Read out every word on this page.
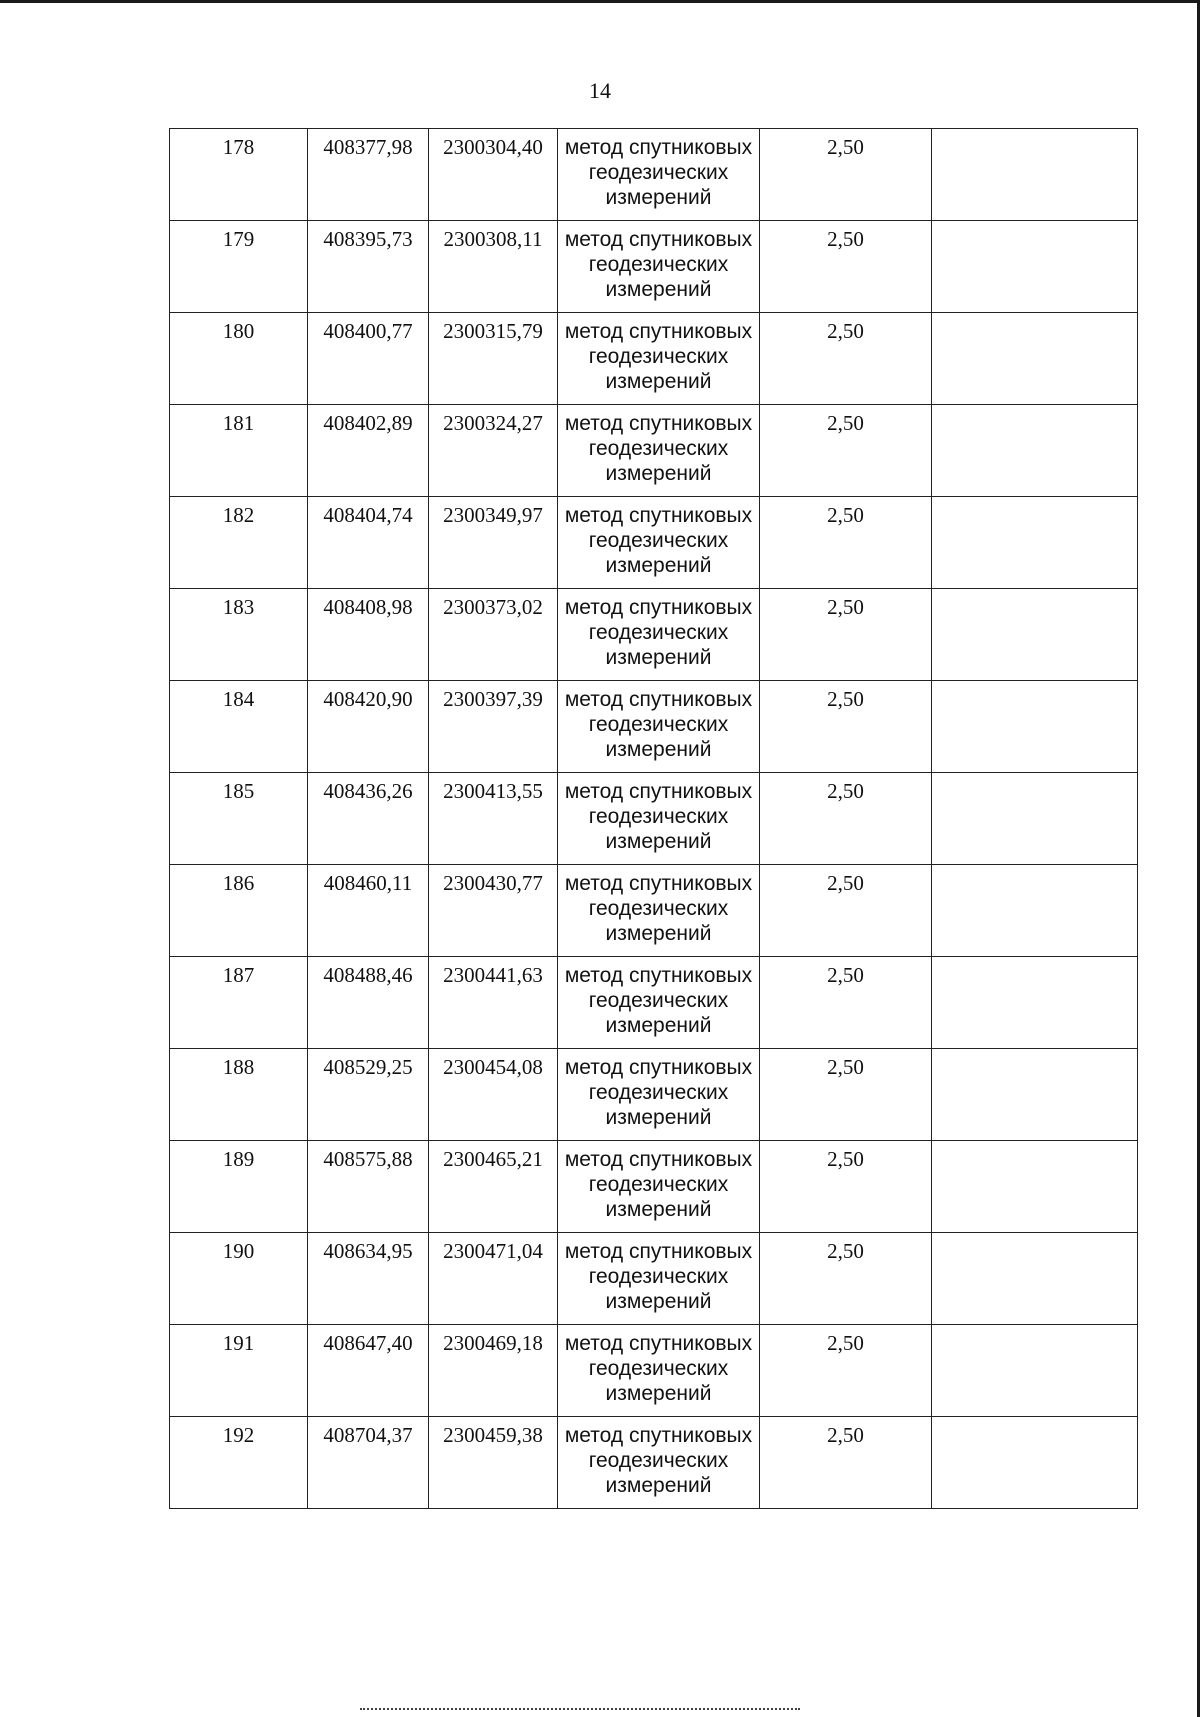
14
178	408377,98	2300304,40	метод спутниковых
геодезических
измерений	2,50	
179	408395,73	2300308,11	метод спутниковых
геодезических
измерений	2,50	
180	408400,77	2300315,79	метод спутниковых
геодезических
измерений	2,50	
181	408402,89	2300324,27	метод спутниковых
геодезических
измерений	2,50	
182	408404,74	2300349,97	метод спутниковых
геодезических
измерений	2,50	
183	408408,98	2300373,02	метод спутниковых
геодезических
измерений	2,50	
184	408420,90	2300397,39	метод спутниковых
геодезических
измерений	2,50	
185	408436,26	2300413,55	метод спутниковых
геодезических
измерений	2,50	
186	408460,11	2300430,77	метод спутниковых
геодезических
измерений	2,50	
187	408488,46	2300441,63	метод спутниковых
геодезических
измерений	2,50	
188	408529,25	2300454,08	метод спутниковых
геодезических
измерений	2,50	
189	408575,88	2300465,21	метод спутниковых
геодезических
измерений	2,50	
190	408634,95	2300471,04	метод спутниковых
геодезических
измерений	2,50	
191	408647,40	2300469,18	метод спутниковых
геодезических
измерений	2,50	
192	408704,37	2300459,38	метод спутниковых
геодезических
измерений	2,50	
